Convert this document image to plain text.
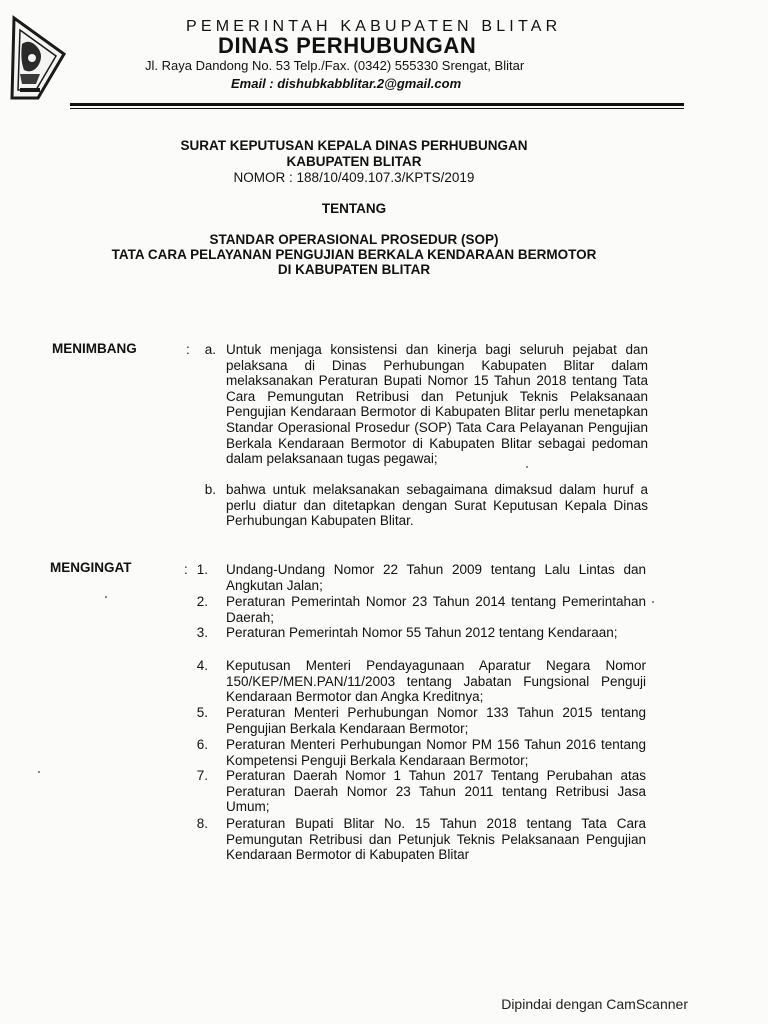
PEMERINTAH KABUPATEN BLITAR
DINAS PERHUBUNGAN
Jl. Raya Dandong No. 53 Telp./Fax. (0342) 555330 Srengat, Blitar
Email : dishubkabblitar.2@gmail.com
SURAT KEPUTUSAN KEPALA DINAS PERHUBUNGAN
KABUPATEN BLITAR
NOMOR : 188/10/409.107.3/KPTS/2019
TENTANG
STANDAR OPERASIONAL PROSEDUR (SOP)
TATA CARA PELAYANAN PENGUJIAN BERKALA KENDARAAN BERMOTOR
DI KABUPATEN BLITAR
MENIMBANG	:	a. Untuk menjaga konsistensi dan kinerja bagi seluruh pejabat dan pelaksana di Dinas Perhubungan Kabupaten Blitar dalam melaksanakan Peraturan Bupati Nomor 15 Tahun 2018 tentang Tata Cara Pemungutan Retribusi dan Petunjuk Teknis Pelaksanaan Pengujian Kendaraan Bermotor di Kabupaten Blitar perlu menetapkan Standar Operasional Prosedur (SOP) Tata Cara Pelayanan Pengujian Berkala Kendaraan Bermotor di Kabupaten Blitar sebagai pedoman dalam pelaksanaan tugas pegawai;
b. bahwa untuk melaksanakan sebagaimana dimaksud dalam huruf a perlu diatur dan ditetapkan dengan Surat Keputusan Kepala Dinas Perhubungan Kabupaten Blitar.
MENGINGAT	: 1. Undang-Undang Nomor 22 Tahun 2009 tentang Lalu Lintas dan Angkutan Jalan;
2. Peraturan Pemerintah Nomor 23 Tahun 2014 tentang Pemerintahan Daerah;
3. Peraturan Pemerintah Nomor 55 Tahun 2012 tentang Kendaraan;
4. Keputusan Menteri Pendayagunaan Aparatur Negara Nomor 150/KEP/MEN.PAN/11/2003 tentang Jabatan Fungsional Penguji Kendaraan Bermotor dan Angka Kreditnya;
5. Peraturan Menteri Perhubungan Nomor 133 Tahun 2015 tentang Pengujian Berkala Kendaraan Bermotor;
6. Peraturan Menteri Perhubungan Nomor PM 156 Tahun 2016 tentang Kompetensi Penguji Berkala Kendaraan Bermotor;
7. Peraturan Daerah Nomor 1 Tahun 2017 Tentang Perubahan atas Peraturan Daerah Nomor 23 Tahun 2011 tentang Retribusi Jasa Umum;
8. Peraturan Bupati Blitar No. 15 Tahun 2018 tentang Tata Cara Pemungutan Retribusi dan Petunjuk Teknis Pelaksanaan Pengujian Kendaraan Bermotor di Kabupaten Blitar
Dipindai dengan CamScanner
